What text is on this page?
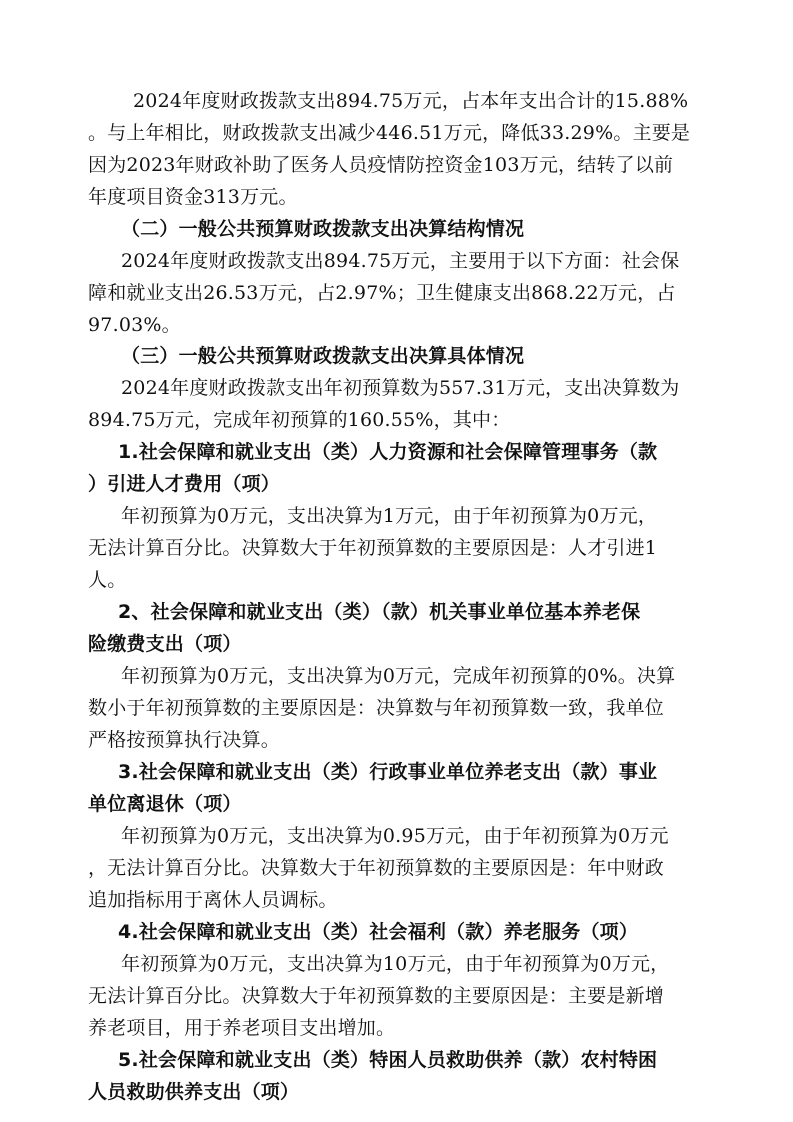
2024年度财政拨款支出894.75万元，占本年支出合计的15.88%
。与上年相比，财政拨款支出减少446.51万元，降低33.29%。主要是
因为2023年财政补助了医务人员疫情防控资金103万元，结转了以前
年度项目资金313万元。
（二）一般公共预算财政拨款支出决算结构情况
2024年度财政拨款支出894.75万元，主要用于以下方面：社会保
障和就业支出26.53万元，占2.97%；卫生健康支出868.22万元，占
97.03%。
（三）一般公共预算财政拨款支出决算具体情况
2024年度财政拨款支出年初预算数为557.31万元，支出决算数为
894.75万元，完成年初预算的160.55%，其中：
1.社会保障和就业支出（类）人力资源和社会保障管理事务（款
）引进人才费用（项）
年初预算为0万元，支出决算为1万元，由于年初预算为0万元，
无法计算百分比。决算数大于年初预算数的主要原因是：人才引进1
人。
2、社会保障和就业支出（类）（款）机关事业单位基本养老保
险缴费支出（项）
年初预算为0万元，支出决算为0万元，完成年初预算的0%。决算
数小于年初预算数的主要原因是：决算数与年初预算数一致，我单位
严格按预算执行决算。
3.社会保障和就业支出（类）行政事业单位养老支出（款）事业
单位离退休（项）
年初预算为0万元，支出决算为0.95万元，由于年初预算为0万元
，无法计算百分比。决算数大于年初预算数的主要原因是：年中财政
追加指标用于离休人员调标。
4.社会保障和就业支出（类）社会福利（款）养老服务（项）
年初预算为0万元，支出决算为10万元，由于年初预算为0万元，
无法计算百分比。决算数大于年初预算数的主要原因是：主要是新增
养老项目，用于养老项目支出增加。
5.社会保障和就业支出（类）特困人员救助供养（款）农村特困
人员救助供养支出（项）
